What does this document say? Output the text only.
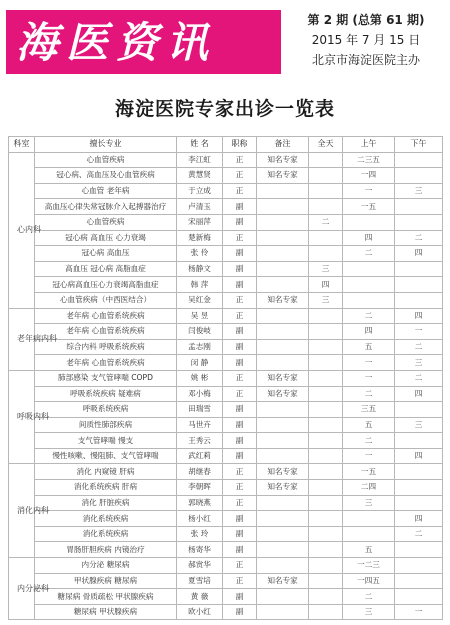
海医资讯	第 2 期 (总第 61 期)
2015 年 7 月 15 日
北京市海淀医院主办
海淀医院专家出诊一览表
科室	擅长专业	姓 名	职称	备注	全天	上午	下午
心内科	心血管疾病	李江虹	正	知名专家		二三五	
	冠心病、高血压及心血管疾病	黄慧贤	正	知名专家		一四	
	心血管 老年病	于立成	正			一	三
	高血压心律失常冠脉介入起搏器治疗	卢清玉	副			一五	
	心血管疾病	宋丽萍	副		二		
	冠心病 高血压 心力衰竭	楚新梅	正			四	二
	冠心病 高血压	张 伶	副			二	四
	高血压 冠心病 高脂血症	杨静文	副		三		
	冠心病高血压心力衰竭高脂血症	韩 萍	副		四		
	心血管疾病（中西医结合）	吴红金	正	知名专家	三		
老年病内科	老年病 心血管系统疾病	吴 昱	正			二	四
	老年病 心血管系统疾病	闫俊岐	副			四	一
	综合内科 呼吸系统疾病	孟志刚	副			五	二
	老年病 心血管系统疾病	闵 静	副			一	三
呼吸内科	肺部感染 支气管哮喘 COPD	姚 彬	正	知名专家		一	二
	呼吸系统疾病 疑难病	邓小梅	正	知名专家		二	四
	呼吸系统疾病	田瑞雪	副			三五	
	间质性肺部疾病	马世卉	副			五	三
	支气管哮喘 慢支	王秀云	副			二	
	慢性咳嗽、慢阻肺、支气管哮喘	武红莉	副			一	四
消化内科	消化 内窥镜 肝病	胡继春	正	知名专家		一五	
	消化系统疾病 肝病	李朝晖	正	知名专家		二四	
	消化 肝脏疾病	郭晓燕	正			三	
	消化系统疾病	杨小红	副				四
	消化系统疾病	张 玲	副				二
	胃肠肝胆疾病 内镜治疗	杨寄华	副			五	
内分泌科	内分泌 糖尿病	郝赏华	正			一二三	
	甲状腺疾病 糖尿病	夏雪培	正	知名专家		一四五	
	糖尿病 骨质疏松 甲状腺疾病	黄 薇	副			二	
	糖尿病 甲状腺疾病	欧小红	副			三	一
